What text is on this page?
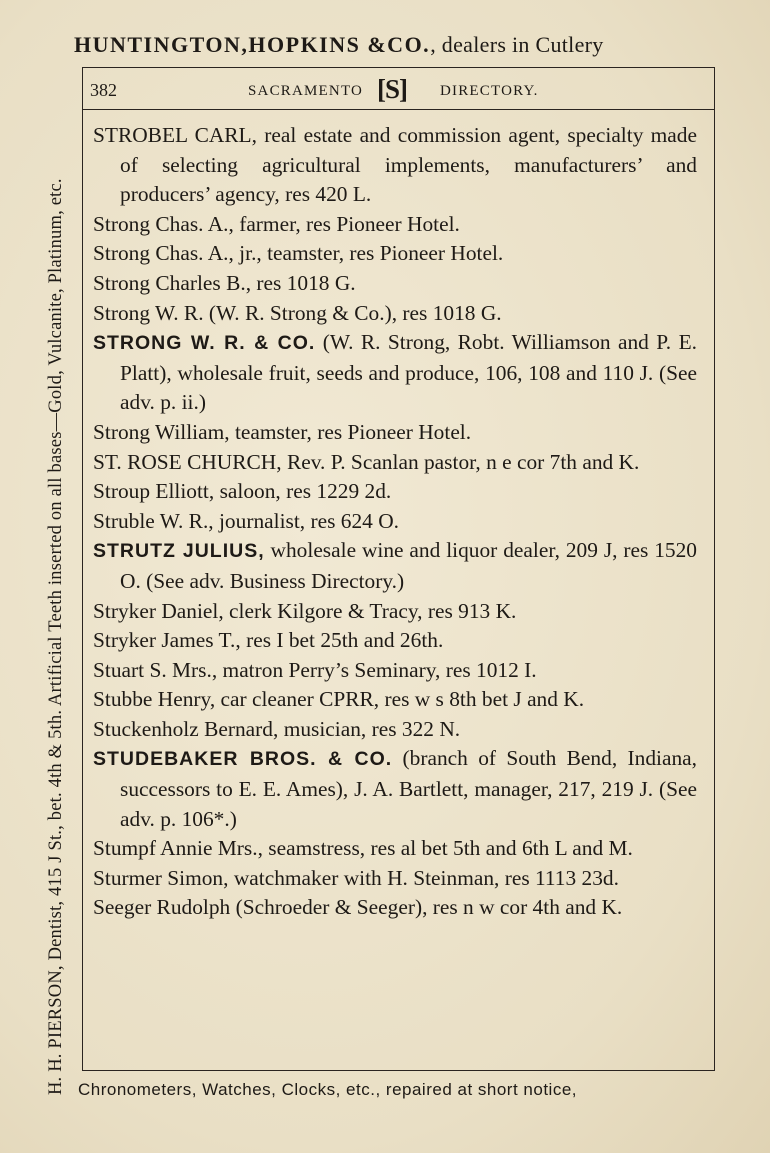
HUNTINGTON,HOPKINS &CO., dealers in Cutlery
H. H. PIERSON, Dentist, 415 J St., bet. 4th & 5th. Artificial Teeth inserted on all bases—Gold, Vulcanite, Platinum, etc.
382	SACRAMENTO [S] DIRECTORY.

STROBEL CARL, real estate and commission agent, specialty made of selecting agricultural implements, manufacturers’ and producers’ agency, res 420 L.

Strong Chas. A., farmer, res Pioneer Hotel.

Strong Chas. A., jr., teamster, res Pioneer Hotel.

Strong Charles B., res 1018 G.

Strong W. R. (W. R. Strong & Co.), res 1018 G.

STRONG W. R. & CO. (W. R. Strong, Robt. Williamson and P. E. Platt), wholesale fruit, seeds and produce, 106, 108 and 110 J. (See adv. p. ii.)

Strong William, teamster, res Pioneer Hotel.

ST. ROSE CHURCH, Rev. P. Scanlan pastor, n e cor 7th and K.

Stroup Elliott, saloon, res 1229 2d.

Struble W. R., journalist, res 624 O.

STRUTZ JULIUS, wholesale wine and liquor dealer, 209 J, res 1520 O. (See adv. Business Directory.)

Stryker Daniel, clerk Kilgore & Tracy, res 913 K.

Stryker James T., res I bet 25th and 26th.

Stuart S. Mrs., matron Perry’s Seminary, res 1012 I.

Stubbe Henry, car cleaner CPRR, res w s 8th bet J and K.

Stuckenholz Bernard, musician, res 322 N.

STUDEBAKER BROS. & CO. (branch of South Bend, Indiana, successors to E. E. Ames), J. A. Bartlett, manager, 217, 219 J. (See adv. p. 106*.)

Stumpf Annie Mrs., seamstress, res al bet 5th and 6th L and M.

Sturmer Simon, watchmaker with H. Steinman, res 1113 23d.

Seeger Rudolph (Schroeder & Seeger), res n w cor 4th and K.

Chronometers, Watches, Clocks, etc., repaired at short notice,
